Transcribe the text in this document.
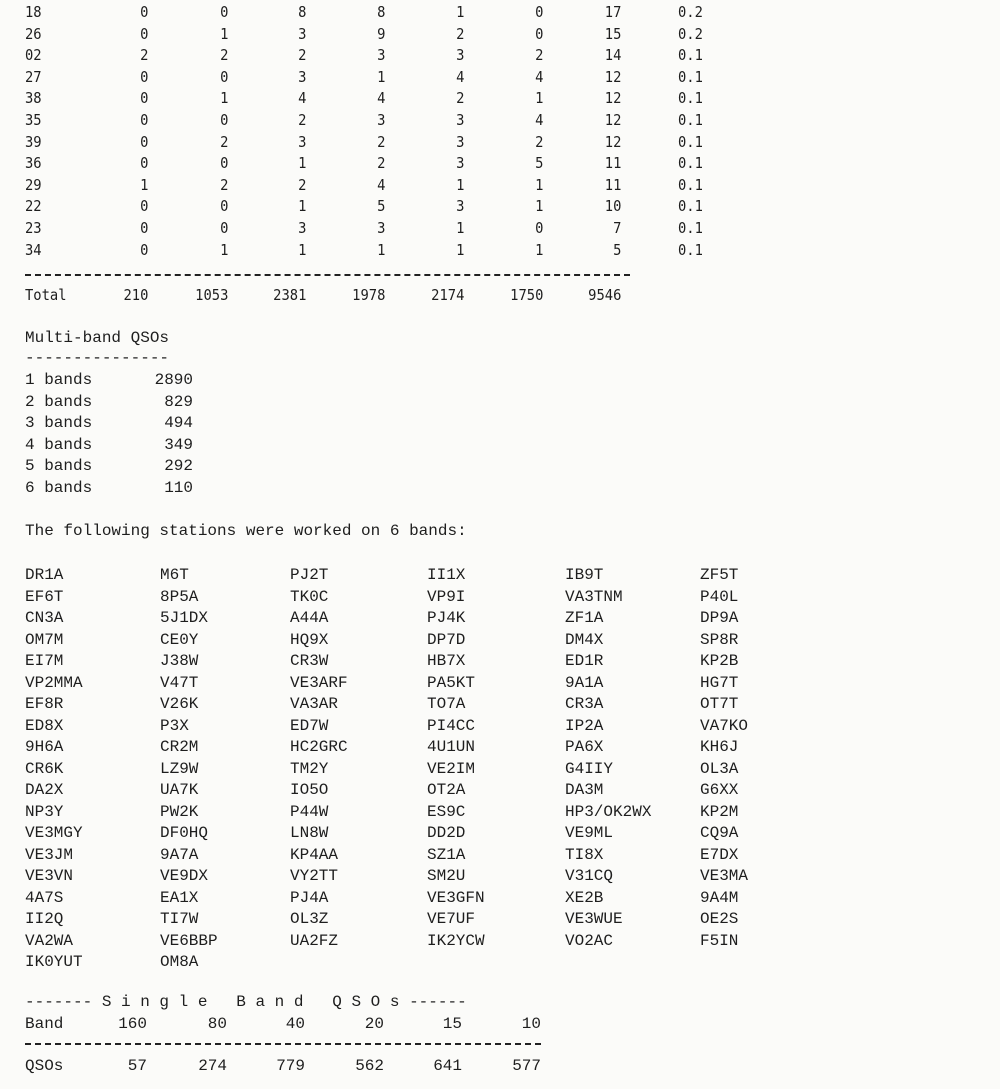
18	0	0	8	8	1	0	17	0.2
26	0	1	3	9	2	0	15	0.2
02	2	2	2	3	3	2	14	0.1
27	0	0	3	1	4	4	12	0.1
38	0	1	4	4	2	1	12	0.1
35	0	0	2	3	3	4	12	0.1
39	0	2	3	2	3	2	12	0.1
36	0	0	1	2	3	5	11	0.1
29	1	2	2	4	1	1	11	0.1
22	0	0	1	5	3	1	10	0.1
23	0	0	3	3	1	0	7	0.1
34	0	1	1	1	1	1	5	0.1
Total	210	1053	2381	1978	2174	1750	9546
Multi-band QSOs
---------------
1 bands	2890
2 bands	829
3 bands	494
4 bands	349
5 bands	292
6 bands	110
The following stations were worked on 6 bands:
DR1A	M6T	PJ2T	II1X	IB9T	ZF5T
EF6T	8P5A	TK0C	VP9I	VA3TNM	P40L
CN3A	5J1DX	A44A	PJ4K	ZF1A	DP9A
OM7M	CE0Y	HQ9X	DP7D	DM4X	SP8R
EI7M	J38W	CR3W	HB7X	ED1R	KP2B
VP2MMA	V47T	VE3ARF	PA5KT	9A1A	HG7T
EF8R	V26K	VA3AR	TO7A	CR3A	OT7T
ED8X	P3X	ED7W	PI4CC	IP2A	VA7KO
9H6A	CR2M	HC2GRC	4U1UN	PA6X	KH6J
CR6K	LZ9W	TM2Y	VE2IM	G4IIY	OL3A
DA2X	UA7K	IO5O	OT2A	DA3M	G6XX
NP3Y	PW2K	P44W	ES9C	HP3/OK2WX	KP2M
VE3MGY	DF0HQ	LN8W	DD2D	VE9ML	CQ9A
VE3JM	9A7A	KP4AA	SZ1A	TI8X	E7DX
VE3VN	VE9DX	VY2TT	SM2U	V31CQ	VE3MA
4A7S	EA1X	PJ4A	VE3GFN	XE2B	9A4M
II2Q	TI7W	OL3Z	VE7UF	VE3WUE	OE2S
VA2WA	VE6BBP	UA2FZ	IK2YCW	VO2AC	F5IN
IK0YUT	OM8A
------- S i n g l e   B a n d   Q S O s ------
Band	160	80	40	20	15	10
QSOs	57	274	779	562	641	577
